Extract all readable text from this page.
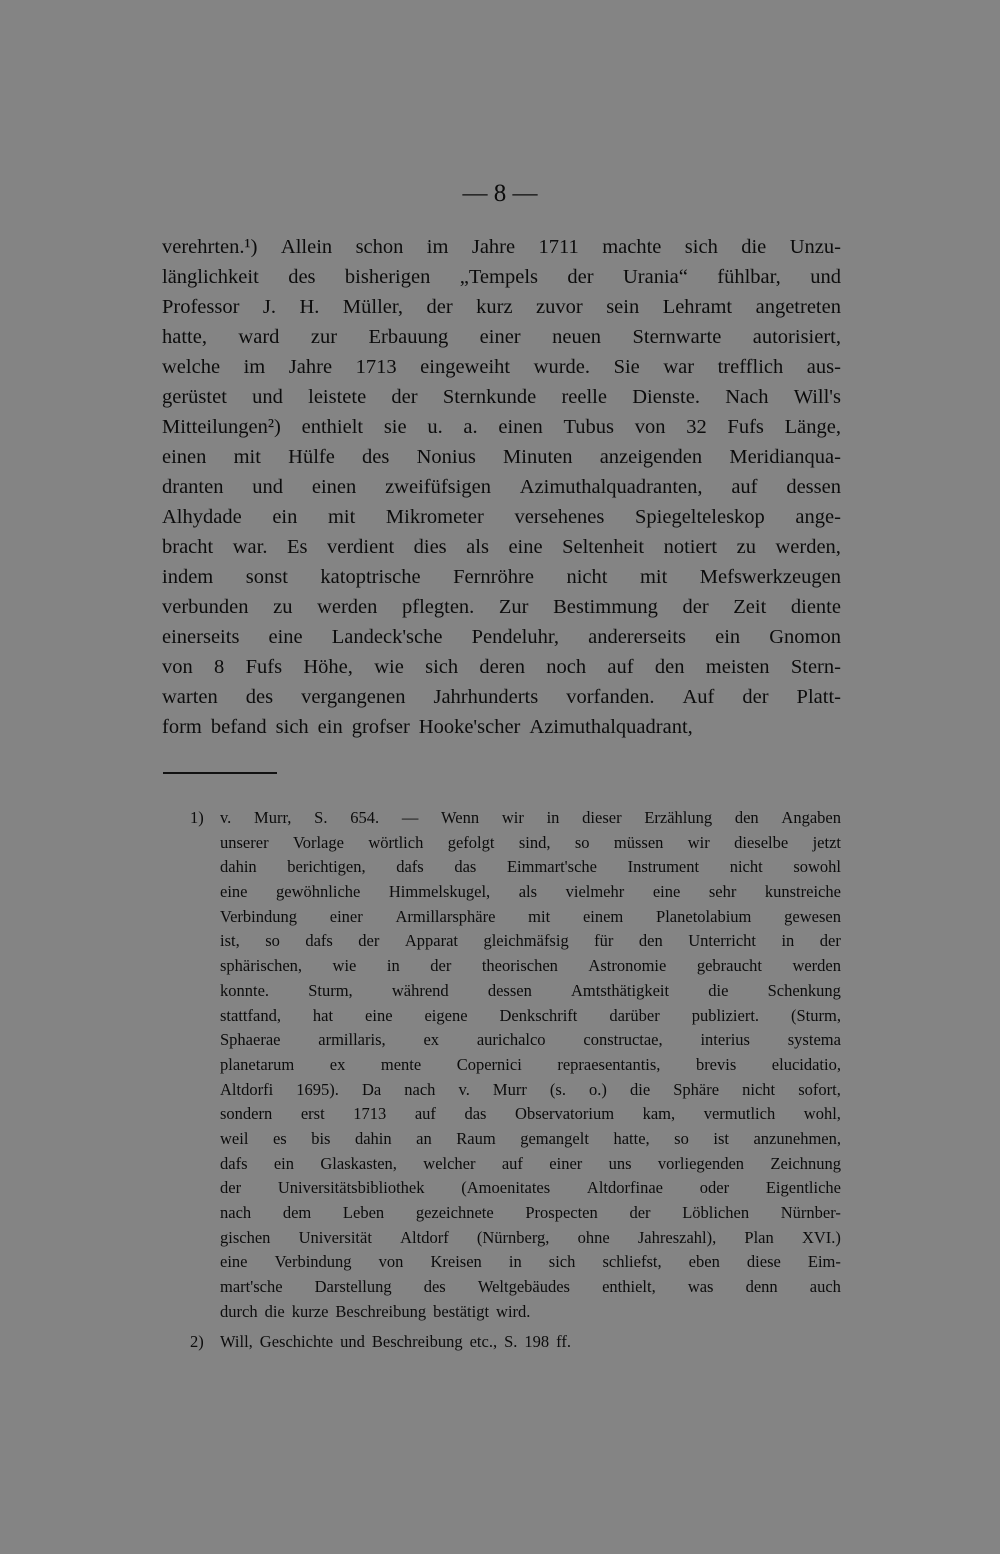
— 8 —
verehrten.¹) Allein schon im Jahre 1711 machte sich die Unzu-
länglichkeit des bisherigen „Tempels der Urania“ fühlbar, und
Professor J. H. Müller, der kurz zuvor sein Lehramt angetreten
hatte, ward zur Erbauung einer neuen Sternwarte autorisiert,
welche im Jahre 1713 eingeweiht wurde. Sie war trefflich aus-
gerüstet und leistete der Sternkunde reelle Dienste. Nach Will's
Mitteilungen²) enthielt sie u. a. einen Tubus von 32 Fufs Länge,
einen mit Hülfe des Nonius Minuten anzeigenden Meridianqua-
dranten und einen zweifüfsigen Azimuthalquadranten, auf dessen
Alhydade ein mit Mikrometer versehenes Spiegelteleskop ange-
bracht war. Es verdient dies als eine Seltenheit notiert zu werden,
indem sonst katoptrische Fernröhre nicht mit Mefswerkzeugen
verbunden zu werden pflegten. Zur Bestimmung der Zeit diente
einerseits eine Landeck'sche Pendeluhr, andererseits ein Gnomon
von 8 Fufs Höhe, wie sich deren noch auf den meisten Stern-
warten des vergangenen Jahrhunderts vorfanden. Auf der Platt-
form befand sich ein grofser Hooke'scher Azimuthalquadrant,
1) v. Murr, S. 654. — Wenn wir in dieser Erzählung den Angaben
unserer Vorlage wörtlich gefolgt sind, so müssen wir dieselbe jetzt
dahin berichtigen, dafs das Eimmart'sche Instrument nicht sowohl
eine gewöhnliche Himmelskugel, als vielmehr eine sehr kunstreiche
Verbindung einer Armillarsphäre mit einem Planetolabium gewesen
ist, so dafs der Apparat gleichmäfsig für den Unterricht in der
sphärischen, wie in der theorischen Astronomie gebraucht werden
konnte. Sturm, während dessen Amtsthätigkeit die Schenkung
stattfand, hat eine eigene Denkschrift darüber publiziert. (Sturm,
Sphaerae armillaris, ex aurichalco constructae, interius systema
planetarum ex mente Copernici repraesentantis, brevis elucidatio,
Altdorfi 1695). Da nach v. Murr (s. o.) die Sphäre nicht sofort,
sondern erst 1713 auf das Observatorium kam, vermutlich wohl,
weil es bis dahin an Raum gemangelt hatte, so ist anzunehmen,
dafs ein Glaskasten, welcher auf einer uns vorliegenden Zeichnung
der Universitätsbibliothek (Amoenitates Altdorfinae oder Eigentliche
nach dem Leben gezeichnete Prospecten der Löblichen Nürnber-
gischen Universität Altdorf (Nürnberg, ohne Jahreszahl), Plan XVI.)
eine Verbindung von Kreisen in sich schliefst, eben diese Eim-
mart'sche Darstellung des Weltgebäudes enthielt, was denn auch
durch die kurze Beschreibung bestätigt wird.
2) Will, Geschichte und Beschreibung etc., S. 198 ff.
